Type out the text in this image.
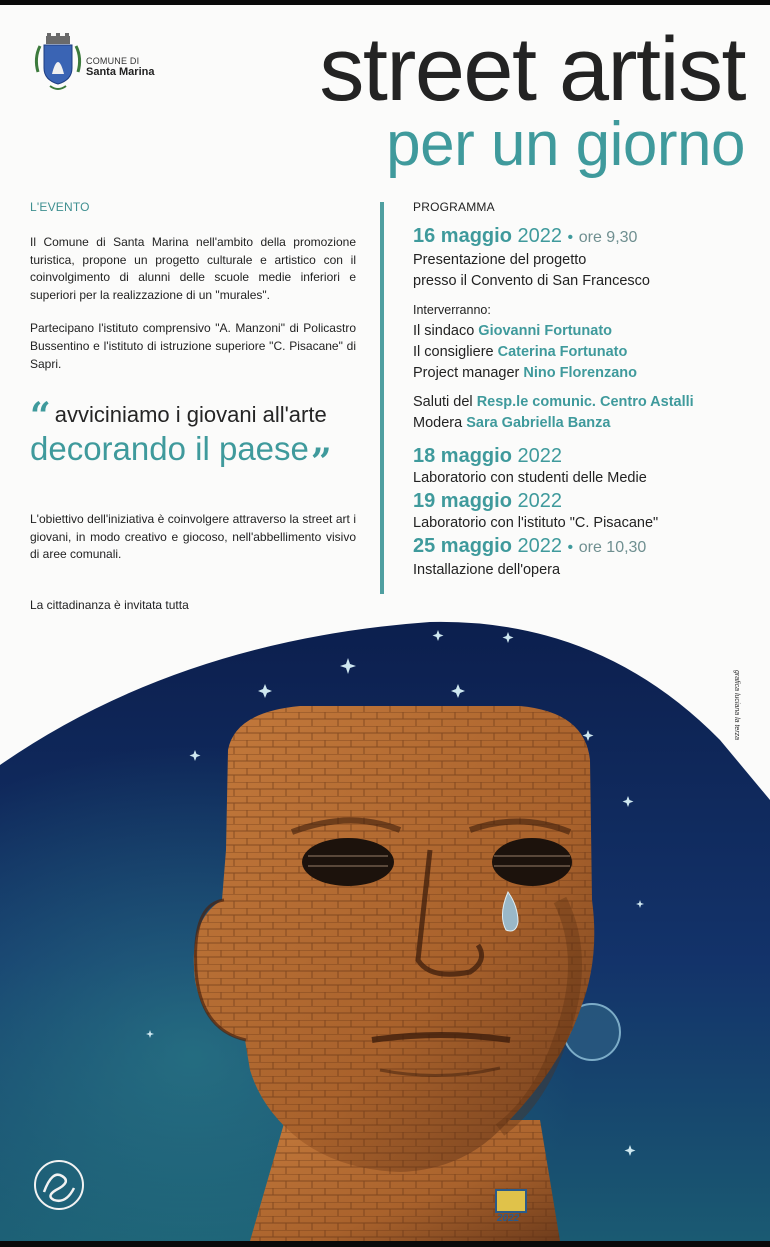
COMUNE DI
Santa Marina	street artist
per un giorno
L'EVENTO

Il Comune di Santa Marina nell'ambito della promozione turistica, propone un progetto culturale e artistico con il coinvolgimento di alunni delle scuole medie inferiori e superiori per la realizzazione di un "murales".

Partecipano l'istituto comprensivo "A. Manzoni" di Policastro Bussentino e l'istituto di istruzione superiore "C. Pisacane" di Sapri.

“ avviciniamo i giovani all'arte
decorando il paese”

L'obiettivo dell'iniziativa è coinvolgere attraverso la street art i giovani, in modo creativo e giocoso, nell'abbellimento visivo di aree comunali.

La cittadinanza è invitata tutta
PROGRAMMA
16 maggio 2022 • ore 9,30
Presentazione del progetto
presso il Convento di San Francesco
Interverranno:
Il sindaco Giovanni Fortunato
Il consigliere Caterina Fortunato
Project manager Nino Florenzano
Saluti del Resp.le comunic. Centro Astalli
Modera Sara Gabriella Banza
18 maggio 2022
Laboratorio con studenti delle Medie
19 maggio 2022
Laboratorio con l'istituto "C. Pisacane"
25 maggio 2022 • ore 10,30
Installazione dell'opera
grafica luciana la terza
2022
